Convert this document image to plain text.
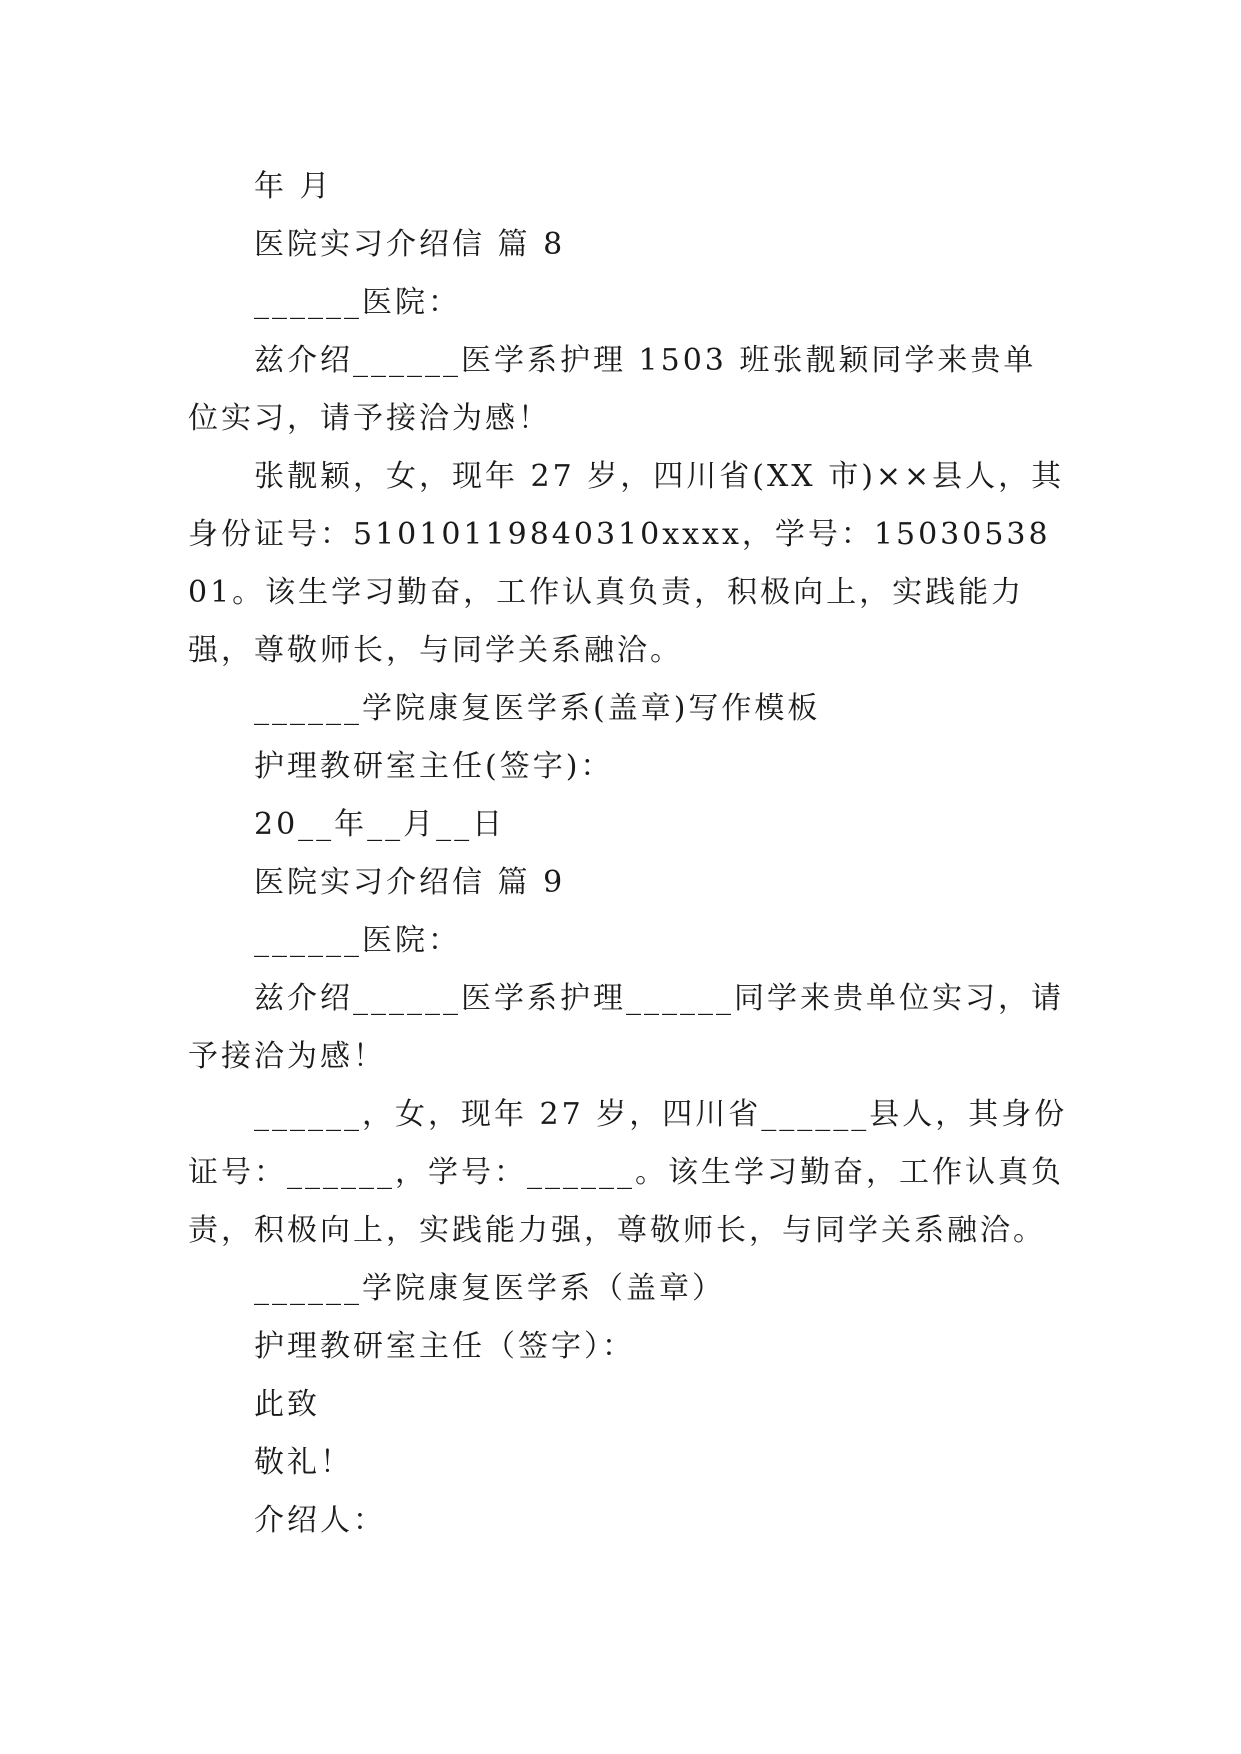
年 月

医院实习介绍信 篇 8

______医院：

兹介绍______医学系护理 1503 班张靓颖同学来贵单位实习，请予接洽为感！

张靓颖，女，现年 27 岁，四川省(XX 市)××县人，其身份证号：51010119840310xxxx，学号：1503053801。该生学习勤奋，工作认真负责，积极向上，实践能力强，尊敬师长，与同学关系融洽。

______学院康复医学系(盖章)写作模板

护理教研室主任(签字)：

20__年__月__日

医院实习介绍信 篇 9

______医院：

兹介绍______医学系护理______同学来贵单位实习，请予接洽为感！

______，女，现年 27 岁，四川省______县人，其身份证号：______，学号：______。该生学习勤奋，工作认真负责，积极向上，实践能力强，尊敬师长，与同学关系融洽。

______学院康复医学系（盖章）

护理教研室主任（签字）：

此致

敬礼！

介绍人：
